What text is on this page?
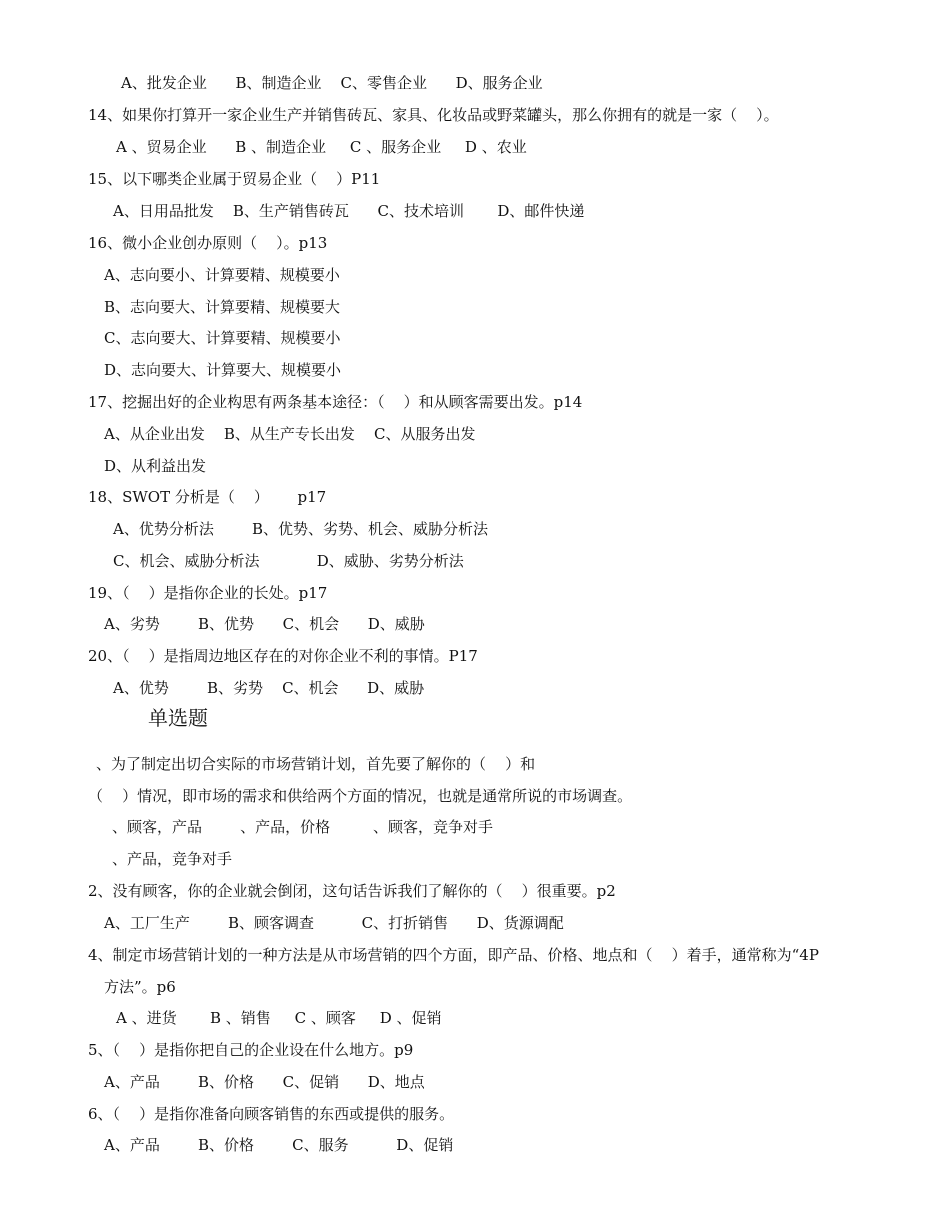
A、批发企业      B、制造企业    C、零售企业      D、服务企业
14、如果你打算开一家企业生产并销售砖瓦、家具、化妆品或野菜罐头，那么你拥有的就是一家（    ）。
A 、贸易企业      B 、制造企业     C 、服务企业     D 、农业
15、以下哪类企业属于贸易企业（    ）P11
A、日用品批发    B、生产销售砖瓦      C、技术培训       D、邮件快递
16、微小企业创办原则（    ）。p13
A、志向要小、计算要精、规模要小
B、志向要大、计算要精、规模要大
C、志向要大、计算要精、规模要小
D、志向要大、计算要大、规模要小
17、挖掘出好的企业构思有两条基本途径：（    ）和从顾客需要出发。p14
A、从企业出发    B、从生产专长出发    C、从服务出发
D、从利益出发
18、SWOT 分析是（    ）      p17
A、优势分析法        B、优势、劣势、机会、威胁分析法
C、机会、威胁分析法            D、威胁、劣势分析法
19、（    ）是指你企业的长处。p17
A、劣势        B、优势      C、机会      D、威胁
20、（    ）是指周边地区存在的对你企业不利的事情。P17
A、优势        B、劣势    C、机会      D、威胁
单选题
、为了制定出切合实际的市场营销计划，首先要了解你的（    ）和
（    ）情况，即市场的需求和供给两个方面的情况，也就是通常所说的市场调查。
、顾客，产品        、产品，价格         、顾客，竞争对手
、产品，竞争对手
2、没有顾客，你的企业就会倒闭，这句话告诉我们了解你的（    ）很重要。p2
A、工厂生产        B、顾客调查          C、打折销售      D、货源调配
4、制定市场营销计划的一种方法是从市场营销的四个方面，即产品、价格、地点和（    ）着手，通常称为“4P
方法”。p6
A 、进货       B 、销售     C 、顾客     D 、促销
5、（    ）是指你把自己的企业设在什么地方。p9
A、产品        B、价格      C、促销      D、地点
6、（    ）是指你准备向顾客销售的东西或提供的服务。
A、产品        B、价格        C、服务          D、促销
